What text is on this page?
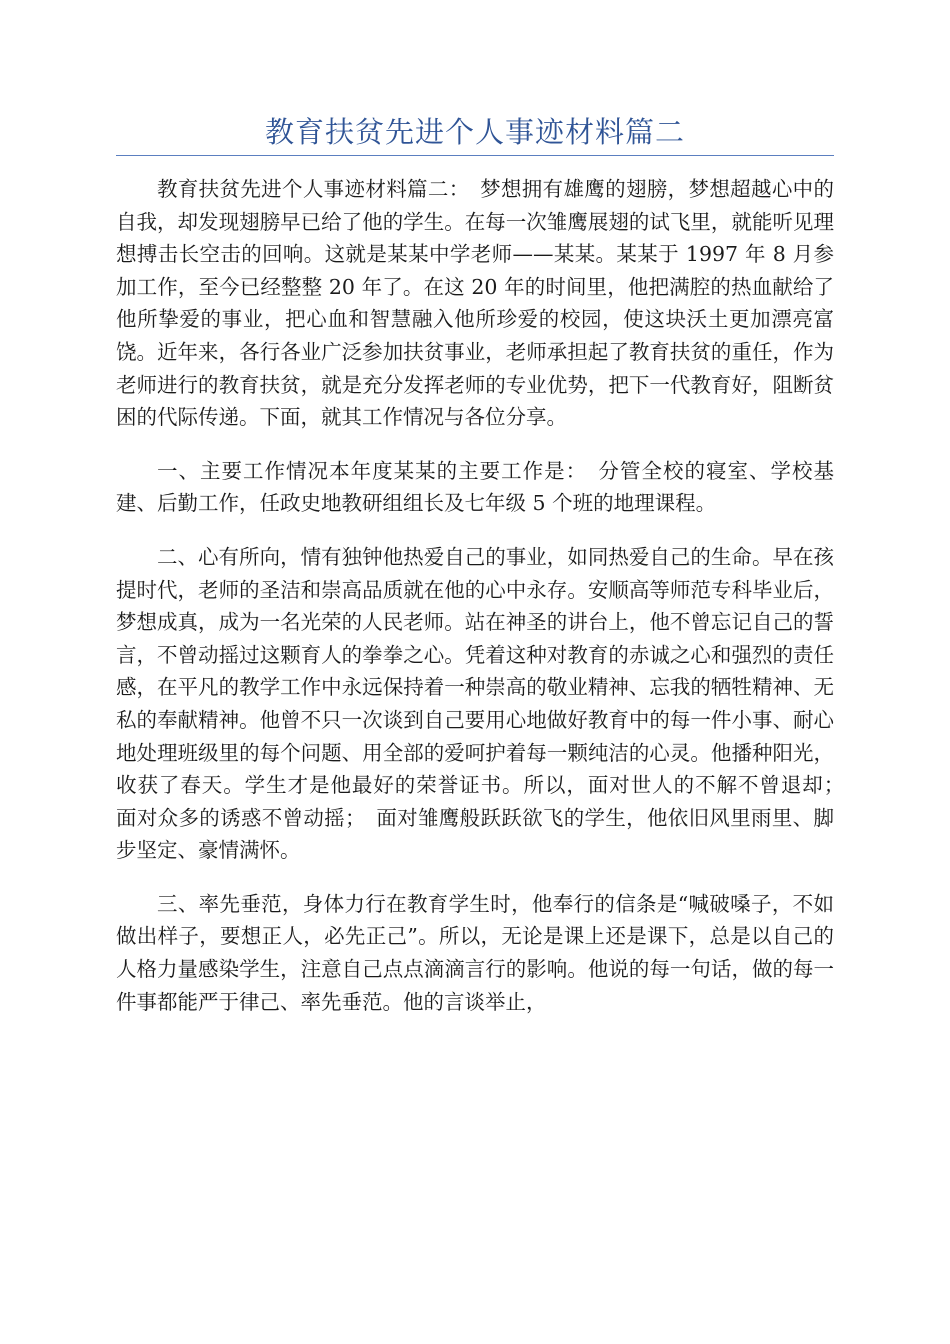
教育扶贫先进个人事迹材料篇二

教育扶贫先进个人事迹材料篇二：　梦想拥有雄鹰的翅膀，梦想超越心中的自我，却发现翅膀早已给了他的学生。在每一次雏鹰展翅的试飞里，就能听见理想搏击长空击的回响。这就是某某中学老师——某某。某某于 1997 年 8 月参加工作，至今已经整整 20 年了。在这 20 年的时间里，他把满腔的热血献给了他所挚爱的事业，把心血和智慧融入他所珍爱的校园，使这块沃土更加漂亮富饶。近年来，各行各业广泛参加扶贫事业，老师承担起了教育扶贫的重任，作为老师进行的教育扶贫，就是充分发挥老师的专业优势，把下一代教育好，阻断贫困的代际传递。下面，就其工作情况与各位分享。

一、主要工作情况本年度某某的主要工作是：　分管全校的寝室、学校基建、后勤工作，任政史地教研组组长及七年级 5 个班的地理课程。

二、心有所向，情有独钟他热爱自己的事业，如同热爱自己的生命。早在孩提时代，老师的圣洁和崇高品质就在他的心中永存。安顺高等师范专科毕业后，梦想成真，成为一名光荣的人民老师。站在神圣的讲台上，他不曾忘记自己的誓言，不曾动摇过这颗育人的拳拳之心。凭着这种对教育的赤诚之心和强烈的责任感，在平凡的教学工作中永远保持着一种崇高的敬业精神、忘我的牺牲精神、无私的奉献精神。他曾不只一次谈到自己要用心地做好教育中的每一件小事、耐心地处理班级里的每个问题、用全部的爱呵护着每一颗纯洁的心灵。他播种阳光，收获了春天。学生才是他最好的荣誉证书。所以，面对世人的不解不曾退却；　面对众多的诱惑不曾动摇；　面对雏鹰般跃跃欲飞的学生，他依旧风里雨里、脚步坚定、豪情满怀。

三、率先垂范，身体力行在教育学生时，他奉行的信条是“喊破嗓子，不如做出样子，要想正人，必先正己”。所以，无论是课上还是课下，总是以自己的人格力量感染学生，注意自己点点滴滴言行的影响。他说的每一句话，做的每一件事都能严于律己、率先垂范。他的言谈举止，
